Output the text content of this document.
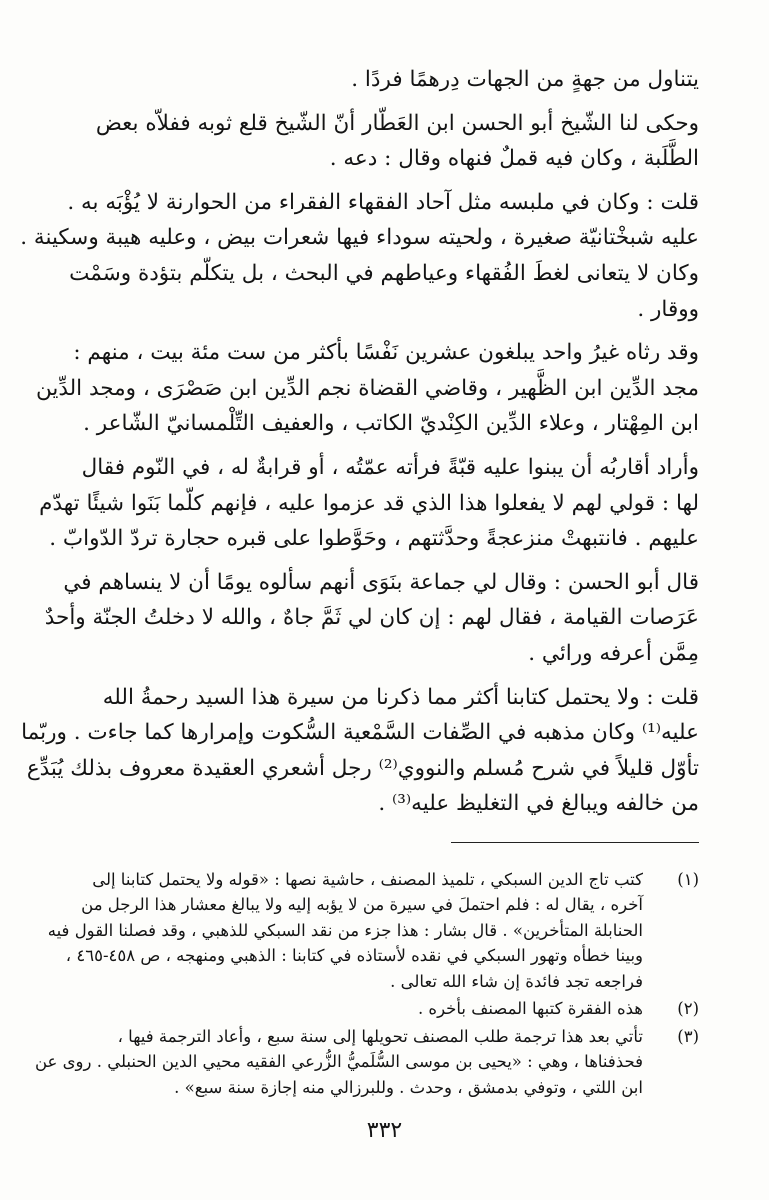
يتناول من جهةٍ من الجهات دِرهمًا فردًا .
وحكى لنا الشّيخ أبو الحسن ابن العَطّار أنّ الشّيخ قلع ثوبه ففلاّه بعض
الطَّلَبة ، وكان فيه قملٌ فنهاه وقال : دعه .
قلت : وكان في ملبسه مثل آحاد الفقهاء الفقراء من الحوارنة لا يُؤْبَه به .
عليه شبخْتانيّة صغيرة ، ولحيته سوداء فيها شعرات بيض ، وعليه هيبة وسكينة .
وكان لا يتعانى لغطَ الفُقهاء وعياطهم في البحث ، بل يتكلّم بتؤدة وسَمْت
ووقار .
وقد رثاه غيرُ واحد يبلغون عشرين نَفْسًا بأكثر من ست مئة بيت ، منهم :
مجد الدِّين ابن الظَّهير ، وقاضي القضاة نجم الدِّين ابن صَصْرَى ، ومجد الدِّين
ابن المِهْتار ، وعلاء الدِّين الكِنْديّ الكاتب ، والعفيف التِّلْمسانيّ الشّاعر .
وأراد أقاربُه أن يبنوا عليه قبّةً فرأته عمّتُه ، أو قرابةٌ له ، في النّوم فقال
لها : قولي لهم لا يفعلوا هذا الذي قد عزموا عليه ، فإنهم كلّما بَنَوا شيئًا تهدّم
عليهم . فانتبهتْ منزعجةً وحدَّثتهم ، وحَوَّطوا على قبره حجارة تردّ الدّوابّ .
قال أبو الحسن : وقال لي جماعة بنَوَى أنهم سألوه يومًا أن لا ينساهم في
عَرَصات القيامة ، فقال لهم : إن كان لي ثَمَّ جاهٌ ، والله لا دخلتُ الجنّة وأحدٌ
مِمَّن أعرفه ورائي .
قلت : ولا يحتمل كتابنا أكثر مما ذكرنا من سيرة هذا السيد رحمةُ الله
عليه⁽¹⁾ وكان مذهبه في الصِّفات السَّمْعية السُّكوت وإمرارها كما جاءت . وربّما
تأوّل قليلاً في شرح مُسلم والنووي⁽²⁾ رجل أشعري العقيدة معروف بذلك يُبَدِّع
من خالفه ويبالغ في التغليظ عليه⁽³⁾ .
(١)
كتب تاج الدين السبكي ، تلميذ المصنف ، حاشية نصها : «قوله ولا يحتمل كتابنا إلى
آخره ، يقال له : فلم احتملَ في سيرة من لا يؤبه إليه ولا يبالغ معشار هذا الرجل من
الحنابلة المتأخرين» . قال بشار : هذا جزء من نقد السبكي للذهبي ، وقد فصلنا القول فيه
وبينا خطأه وتهور السبكي في نقده لأستاذه في كتابنا : الذهبي ومنهجه ، ص ٤٥٨-٤٦٥ ،
فراجعه تجد فائدة إن شاء الله تعالى .
(٢)
هذه الفقرة كتبها المصنف بأخره .
(٣)
تأتي بعد هذا ترجمة طلب المصنف تحويلها إلى سنة سبع ، وأعاد الترجمة فيها ،
فحذفناها ، وهي : «يحيى بن موسى السُّلَميُّ الزُّرعي الفقيه محيي الدين الحنبلي . روى عن
ابن اللتي ، وتوفي بدمشق ، وحدث . وللبرزالي منه إجازة سنة سبع» .
٣٣٢
